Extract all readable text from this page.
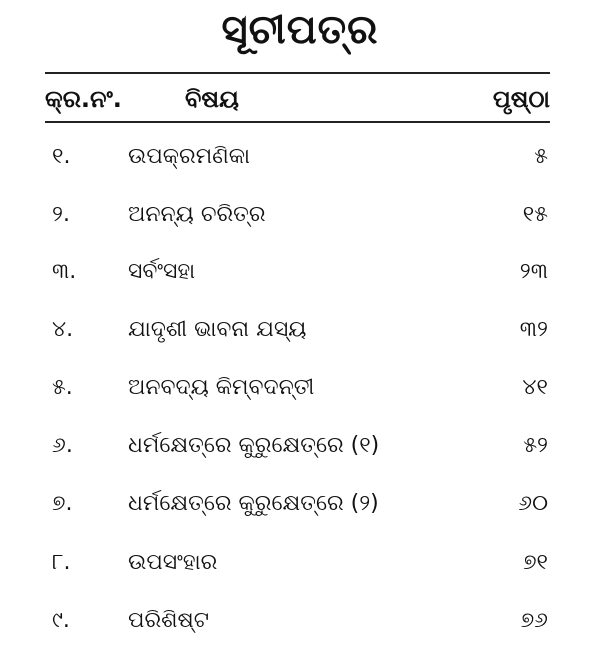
ସୂଚୀପତ୍ର
କ୍ର.ନଂ.	ବିଷୟ	ପୃଷ୍ଠା
୧.	ଉପକ୍ରମଣିକା	୫
୨.	ଅନନ୍ୟ ଚରିତ୍ର	୧୫
୩. ସର୍ବଂସହା	୨୩
୪. ଯାଦୃଶୀ ଭାବନା ଯସ୍ୟ	୩୨
୫.	ଅନବଦ୍ୟ କିମ୍ବଦନ୍ତୀ	୪୧
୬.	ଧର୍ମକ୍ଷେତ୍ରେ କୁରୁକ୍ଷେତ୍ରେ (୧)	୫୨
୭.	ଧର୍ମକ୍ଷେତ୍ରେ କୁରୁକ୍ଷେତ୍ରେ (୨)	୬୦
୮.	ଉପସଂହାର	୭୧
୯.	ପରିଶିଷ୍ଟ	୭୬
